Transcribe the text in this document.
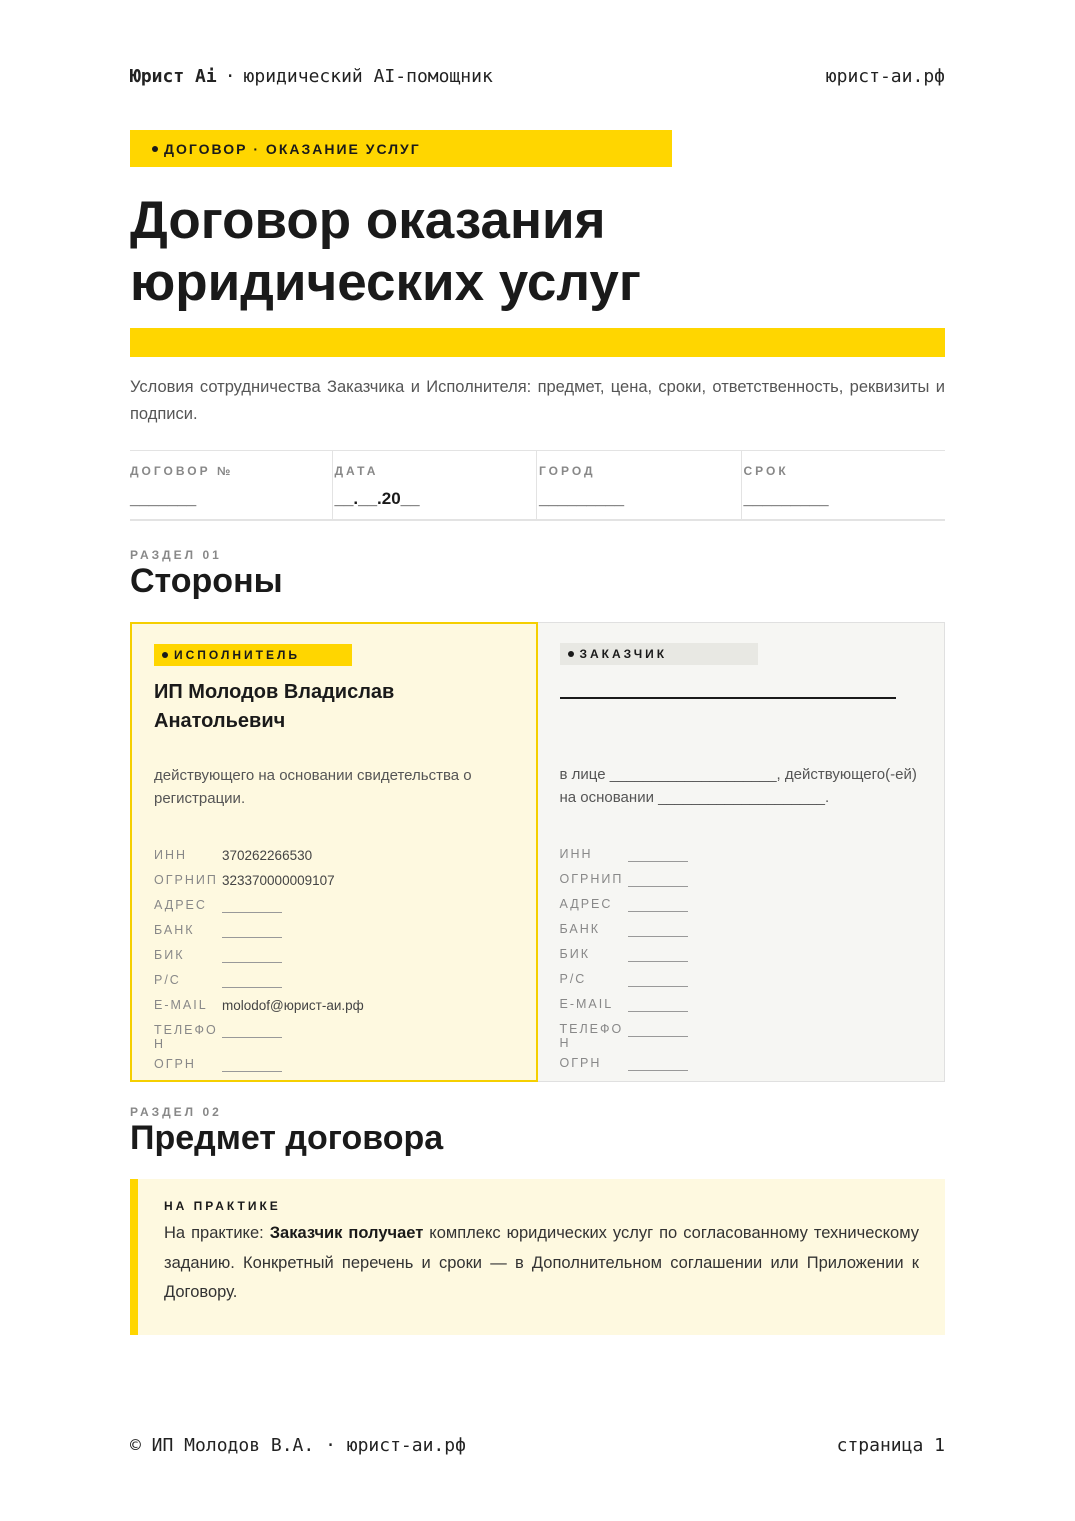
Юрист Ai · юридический AI-помощник	юрист-аи.рф
ДОГОВОР · ОКАЗАНИЕ УСЛУГ
Договор оказания
юридических услуг
Условия сотрудничества Заказчика и Исполнителя: предмет, цена, сроки, ответственность, реквизиты и подписи.
ДОГОВОР №
_______
ДАТА
__.__.20__
ГОРОД
_________
СРОК
_________
РАЗДЕЛ 01
Стороны
ИСПОЛНИТЕЛЬ
ИП Молодов Владислав Анатольевич
действующего на основании свидетельства о регистрации.
ИНН	370262266530
ОГРНИП 323370000009107
АДРЕС
БАНК
БИК
Р/С
E-MAIL	molodof@юрист-аи.рф
ТЕЛЕФОН
ОГРН
ЗАКАЗЧИК
в лице ____________________, действующего(-ей) на основании ____________________.
ИНН
ОГРНИП
АДРЕС
БАНК
БИК
Р/С
E-MAIL
ТЕЛЕФОН
ОГРН
РАЗДЕЛ 02
Предмет договора
НА ПРАКТИКЕ
На практике: Заказчик получает комплекс юридических услуг по согласованному техническому заданию. Конкретный перечень и сроки — в Дополнительном соглашении или Приложении к Договору.
© ИП Молодов В.А. · юрист-аи.рф	страница 1
